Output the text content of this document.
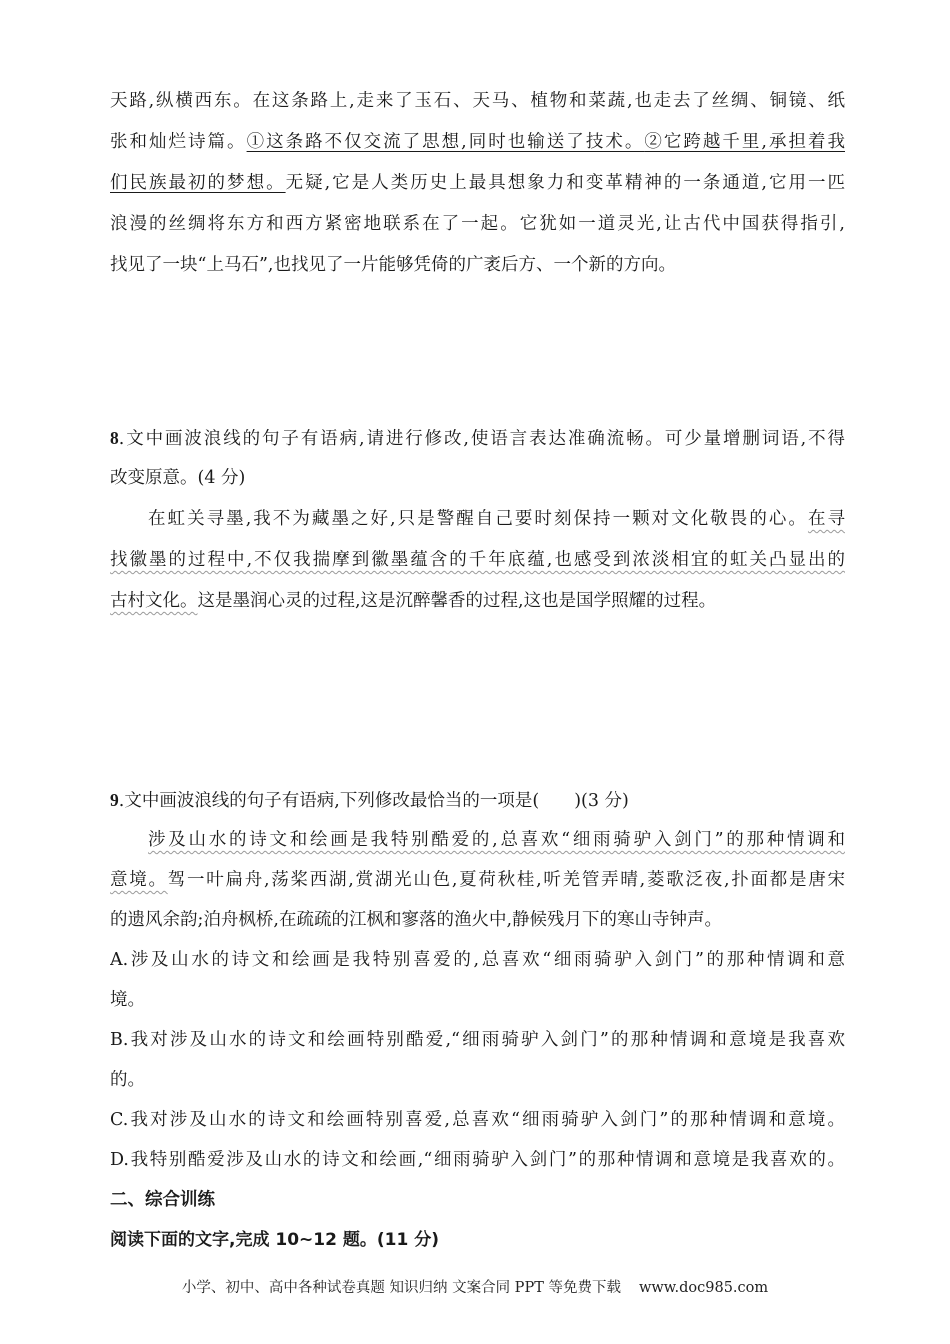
天路,纵横西东。在这条路上,走来了玉石、天马、植物和菜蔬,也走去了丝绸、铜镜、纸
张和灿烂诗篇。①这条路不仅交流了思想,同时也输送了技术。②它跨越千里,承担着我
们民族最初的梦想。无疑,它是人类历史上最具想象力和变革精神的一条通道,它用一匹
浪漫的丝绸将东方和西方紧密地联系在了一起。它犹如一道灵光,让古代中国获得指引,
找见了一块“上马石”,也找见了一片能够凭倚的广袤后方、一个新的方向。
8.文中画波浪线的句子有语病,请进行修改,使语言表达准确流畅。可少量增删词语,不得
改变原意。(4 分)
在虹关寻墨,我不为藏墨之好,只是警醒自己要时刻保持一颗对文化敬畏的心。在寻
找徽墨的过程中,不仅我揣摩到徽墨蕴含的千年底蕴,也感受到浓淡相宜的虹关凸显出的
古村文化。这是墨润心灵的过程,这是沉醉馨香的过程,这也是国学照耀的过程。
9.文中画波浪线的句子有语病,下列修改最恰当的一项是(　　)(3 分)
涉及山水的诗文和绘画是我特别酷爱的,总喜欢“细雨骑驴入剑门”的那种情调和
意境。驾一叶扁舟,荡桨西湖,赏湖光山色,夏荷秋桂,听羌管弄晴,菱歌泛夜,扑面都是唐宋
的遗风余韵;泊舟枫桥,在疏疏的江枫和寥落的渔火中,静候残月下的寒山寺钟声。
A.涉及山水的诗文和绘画是我特别喜爱的,总喜欢“细雨骑驴入剑门”的那种情调和意
境。
B.我对涉及山水的诗文和绘画特别酷爱,“细雨骑驴入剑门”的那种情调和意境是我喜欢
的。
C.我对涉及山水的诗文和绘画特别喜爱,总喜欢“细雨骑驴入剑门”的那种情调和意境。
D.我特别酷爱涉及山水的诗文和绘画,“细雨骑驴入剑门”的那种情调和意境是我喜欢的。
二、综合训练
阅读下面的文字,完成 10~12 题。(11 分)
小学、初中、高中各种试卷真题 知识归纳 文案合同 PPT 等免费下载 www.doc985.com
